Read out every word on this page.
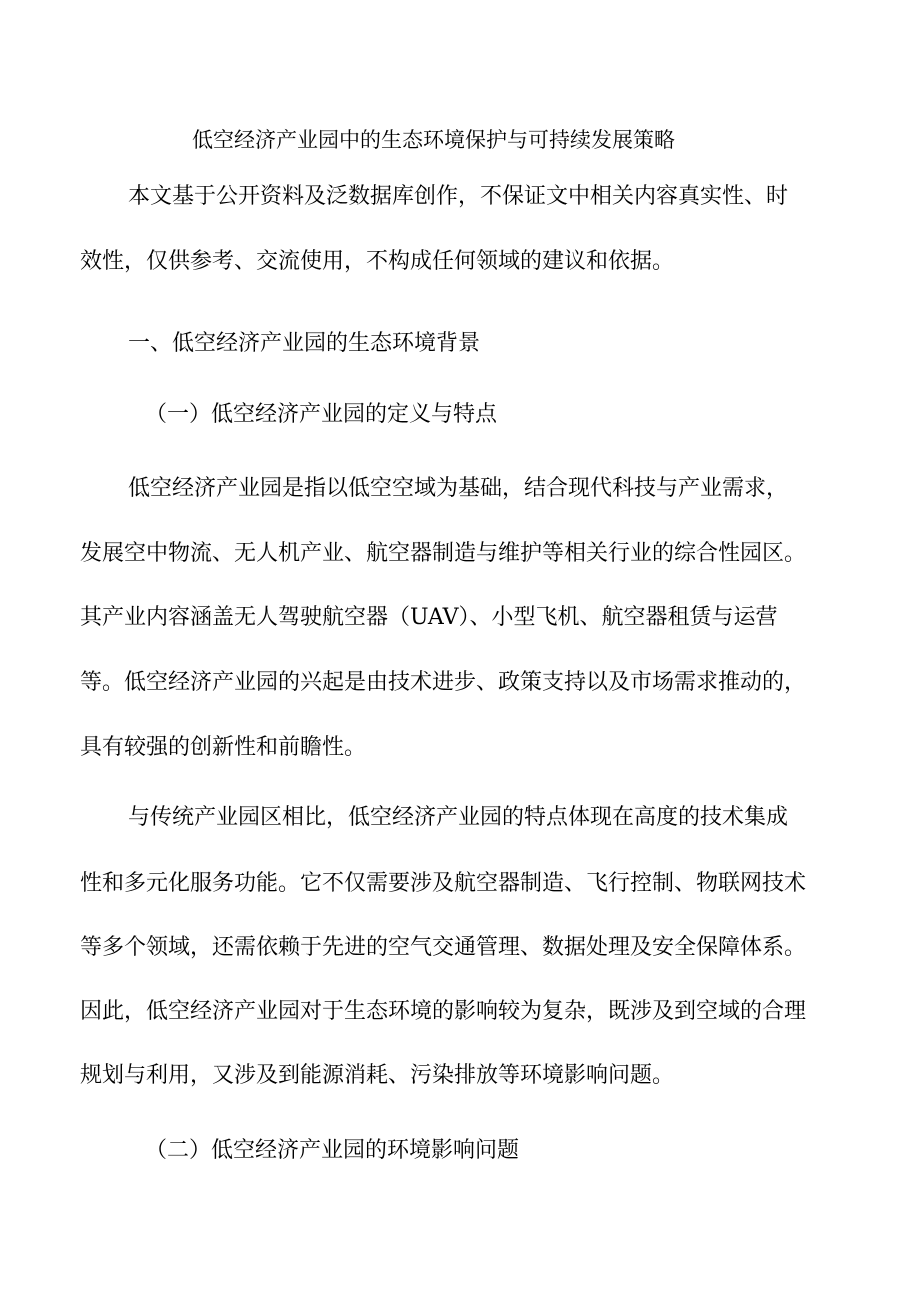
低空经济产业园中的生态环境保护与可持续发展策略
本文基于公开资料及泛数据库创作，不保证文中相关内容真实性、时
效性，仅供参考、交流使用，不构成任何领域的建议和依据。
一、低空经济产业园的生态环境背景
（一）低空经济产业园的定义与特点
低空经济产业园是指以低空空域为基础，结合现代科技与产业需求，
发展空中物流、无人机产业、航空器制造与维护等相关行业的综合性园区。
其产业内容涵盖无人驾驶航空器（UAV）、小型飞机、航空器租赁与运营
等。低空经济产业园的兴起是由技术进步、政策支持以及市场需求推动的，
具有较强的创新性和前瞻性。
与传统产业园区相比，低空经济产业园的特点体现在高度的技术集成
性和多元化服务功能。它不仅需要涉及航空器制造、飞行控制、物联网技术
等多个领域，还需依赖于先进的空气交通管理、数据处理及安全保障体系。
因此，低空经济产业园对于生态环境的影响较为复杂，既涉及到空域的合理
规划与利用，又涉及到能源消耗、污染排放等环境影响问题。
（二）低空经济产业园的环境影响问题
